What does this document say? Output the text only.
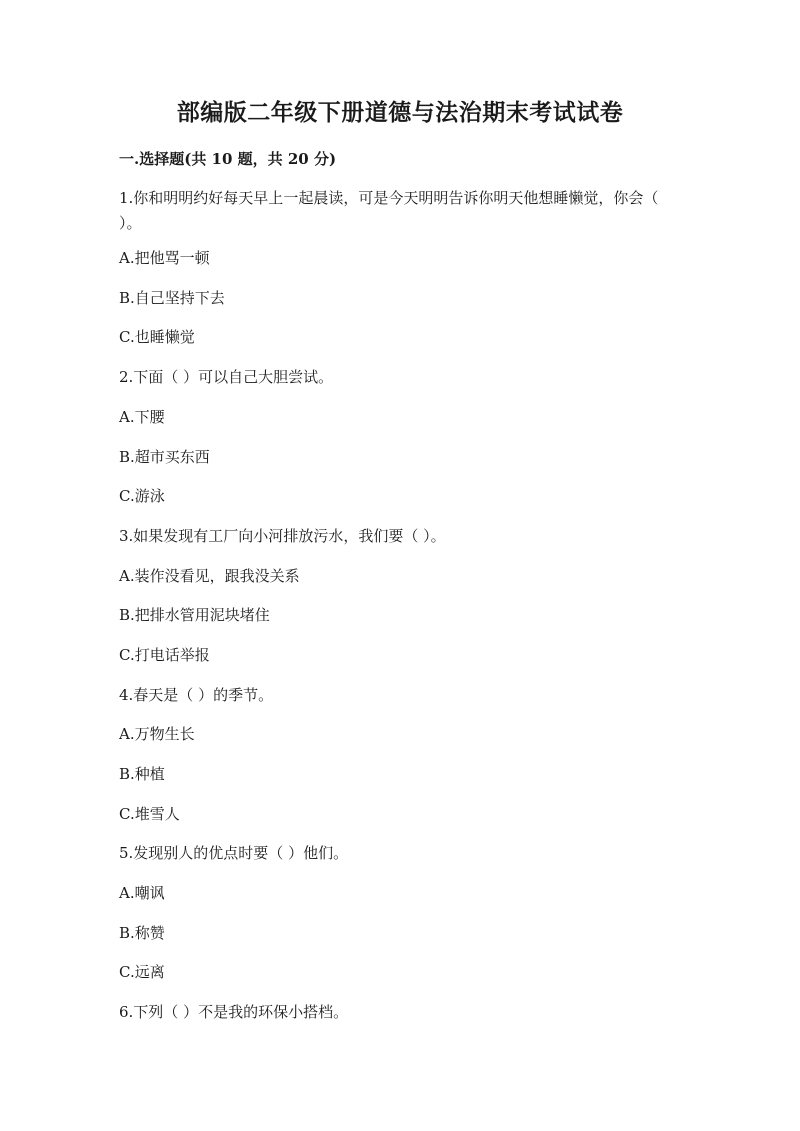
部编版二年级下册道德与法治期末考试试卷

一.选择题(共 10 题，共 20 分)

1.你和明明约好每天早上一起晨读，可是今天明明告诉你明天他想睡懒觉，你会（ ）。

A.把他骂一顿

B.自己坚持下去

C.也睡懒觉

2.下面（ ）可以自己大胆尝试。

A.下腰

B.超市买东西

C.游泳

3.如果发现有工厂向小河排放污水，我们要（ ）。

A.装作没看见，跟我没关系

B.把排水管用泥块堵住

C.打电话举报

4.春天是（ ）的季节。

A.万物生长

B.种植

C.堆雪人

5.发现别人的优点时要（ ）他们。

A.嘲讽

B.称赞

C.远离

6.下列（ ）不是我的环保小搭档。
